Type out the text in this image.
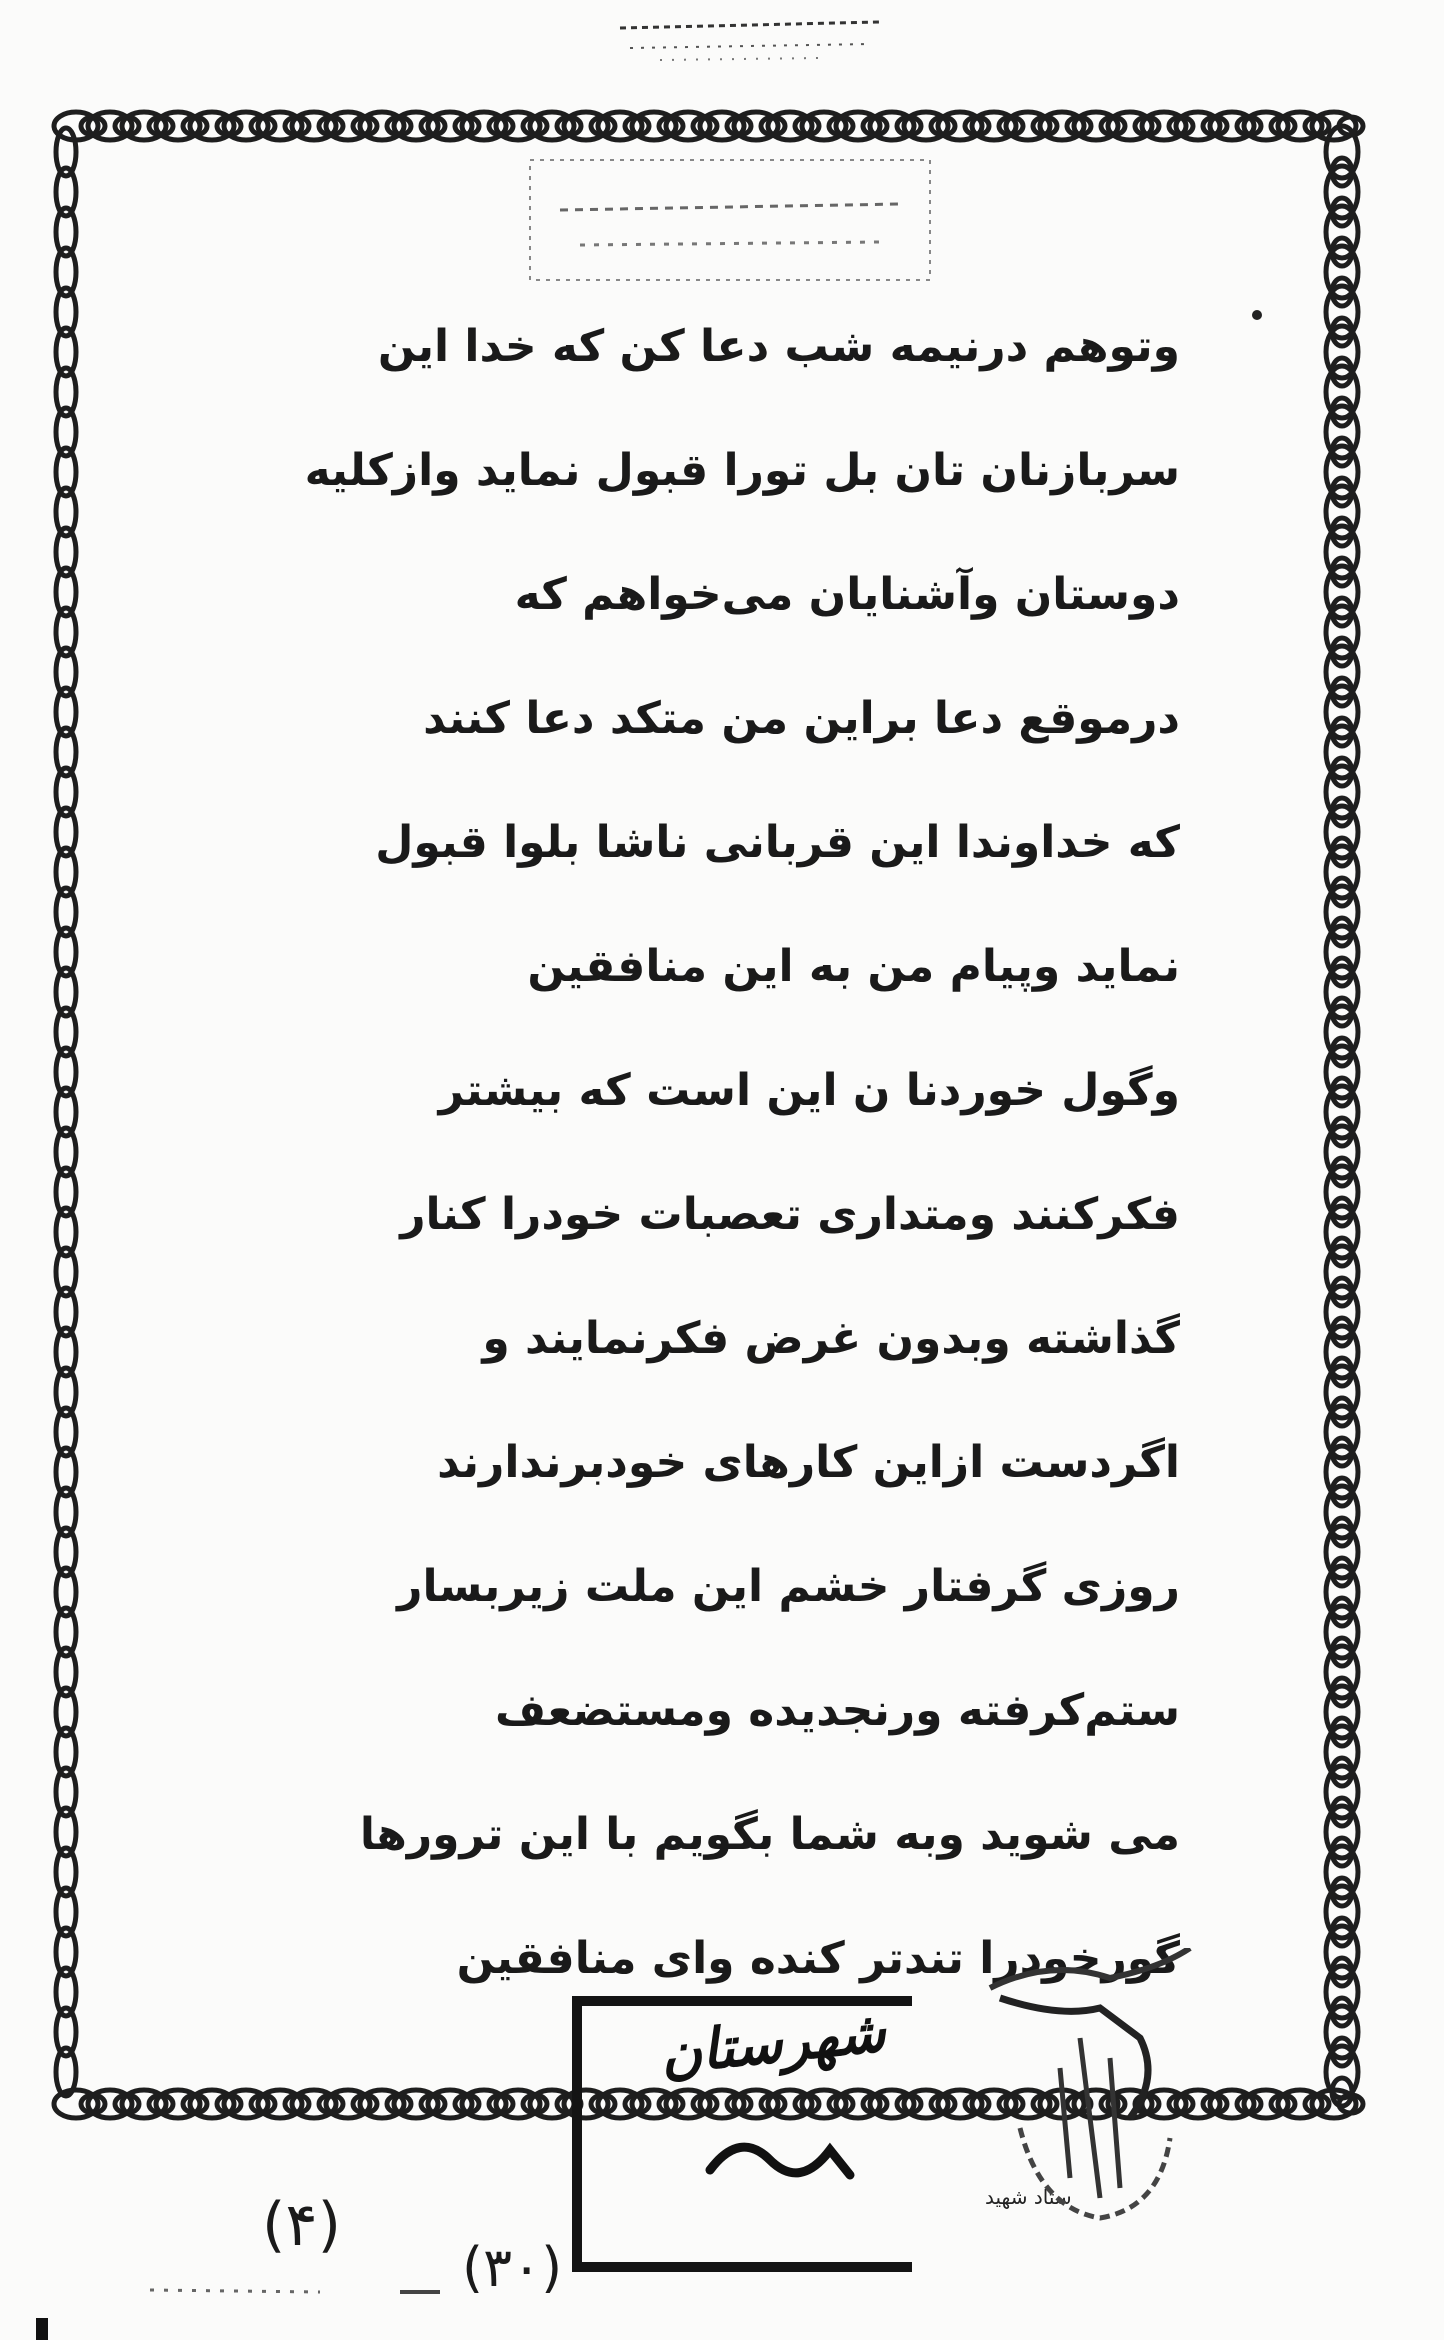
وتوهم درنیمه شب دعا کن که خدا این
سربازنان تان بل تورا قبول نماید وازکلیه
دوستان وآشنایان می‌خواهم که
درموقع دعا براین من متکد دعا کنند
که خداوندا این قربانی ناشا بلوا قبول
نماید وپیام من به این منافقین
وگول خوردنا ن این است که بیشتر
فکرکنند ومتداری تعصبات خودرا کنار
گذاشته وبدون غرض فکرنمایند و
اگردست ازاین کارهای خودبرندارند
روزی گرفتار خشم این ملت زیربسار
ستم‌کرفته ورنجدیده ومستضعف
می شوید وبه شما بگویم با این ترورها
گورخودرا تندتر کنده وای منافقین
شهرستان
ستاد شهید
(۴)
(۳۰)
